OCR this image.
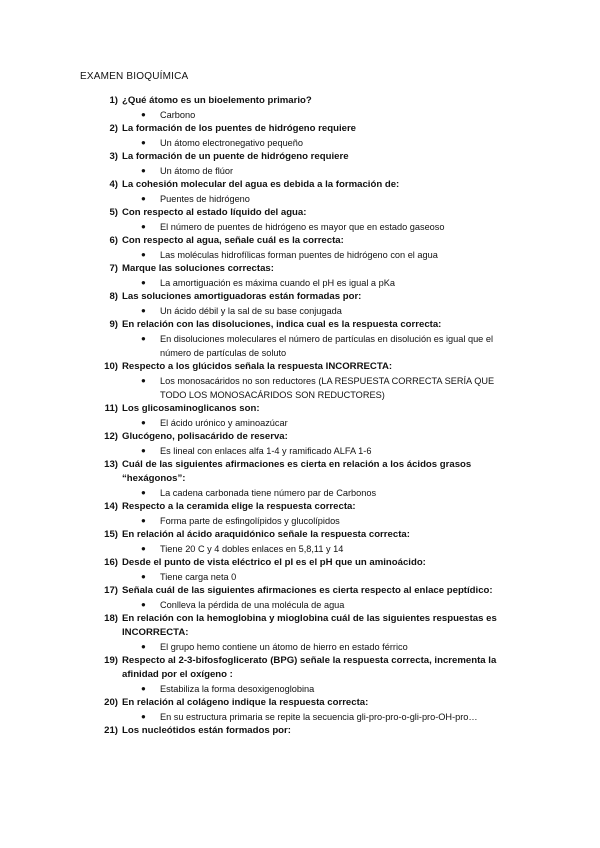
EXAMEN BIOQUÍMICA
1) ¿Qué átomo es un bioelemento primario?
● Carbono
2) La formación de los puentes de hidrógeno requiere
● Un átomo electronegativo pequeño
3) La formación de un puente de hidrógeno requiere
● Un átomo de flúor
4) La cohesión molecular del agua es debida a la formación de:
● Puentes de hidrógeno
5) Con respecto al estado líquido del agua:
● El número de puentes de hidrógeno es mayor que en estado gaseoso
6) Con respecto al agua, señale cuál es la correcta:
● Las moléculas hidrofílicas forman puentes de hidrógeno con el agua
7) Marque las soluciones correctas:
● La amortiguación es máxima cuando el pH es igual a pKa
8) Las soluciones amortiguadoras están formadas por:
● Un ácido débil y la sal de su base conjugada
9) En relación con las disoluciones, indica cual es la respuesta correcta:
● En disoluciones moleculares el número de partículas en disolución es igual que el número de partículas de soluto
10) Respecto a los glúcidos señala la respuesta INCORRECTA:
● Los monosacáridos no son reductores (LA RESPUESTA CORRECTA SERÍA QUE TODO LOS MONOSACÁRIDOS SON REDUCTORES)
11) Los glicosaminoglicanos son:
● El ácido urónico y aminoazúcar
12) Glucógeno, polisacárido de reserva:
● Es lineal con enlaces alfa 1-4 y ramificado ALFA 1-6
13) Cuál de las siguientes afirmaciones es cierta en relación a los ácidos grasos “hexágonos”:
● La cadena carbonada tiene número par de Carbonos
14) Respecto a la ceramida elige la respuesta correcta:
● Forma parte de esfingolípidos y glucolípidos
15) En relación al ácido araquidónico señale la respuesta correcta:
● Tiene 20 C y 4 dobles enlaces en 5,8,11 y 14
16) Desde el punto de vista eléctrico el pI es el pH que un aminoácido:
● Tiene carga neta 0
17) Señala cuál de las siguientes afirmaciones es cierta respecto al enlace peptídico:
● Conlleva la pérdida de una molécula de agua
18) En relación con la hemoglobina y mioglobina cuál de las siguientes respuestas es INCORRECTA:
● El grupo hemo contiene un átomo de hierro en estado férrico
19) Respecto al 2-3-bifosfoglicerato (BPG) señale la respuesta correcta, incrementa la afinidad por el oxígeno :
● Estabiliza la forma desoxigenoglobina
20) En relación al colágeno indique la respuesta correcta:
● En su estructura primaria se repite la secuencia gli-pro-pro-o-gli-pro-OH-pro…
21) Los nucleótidos están formados por:
